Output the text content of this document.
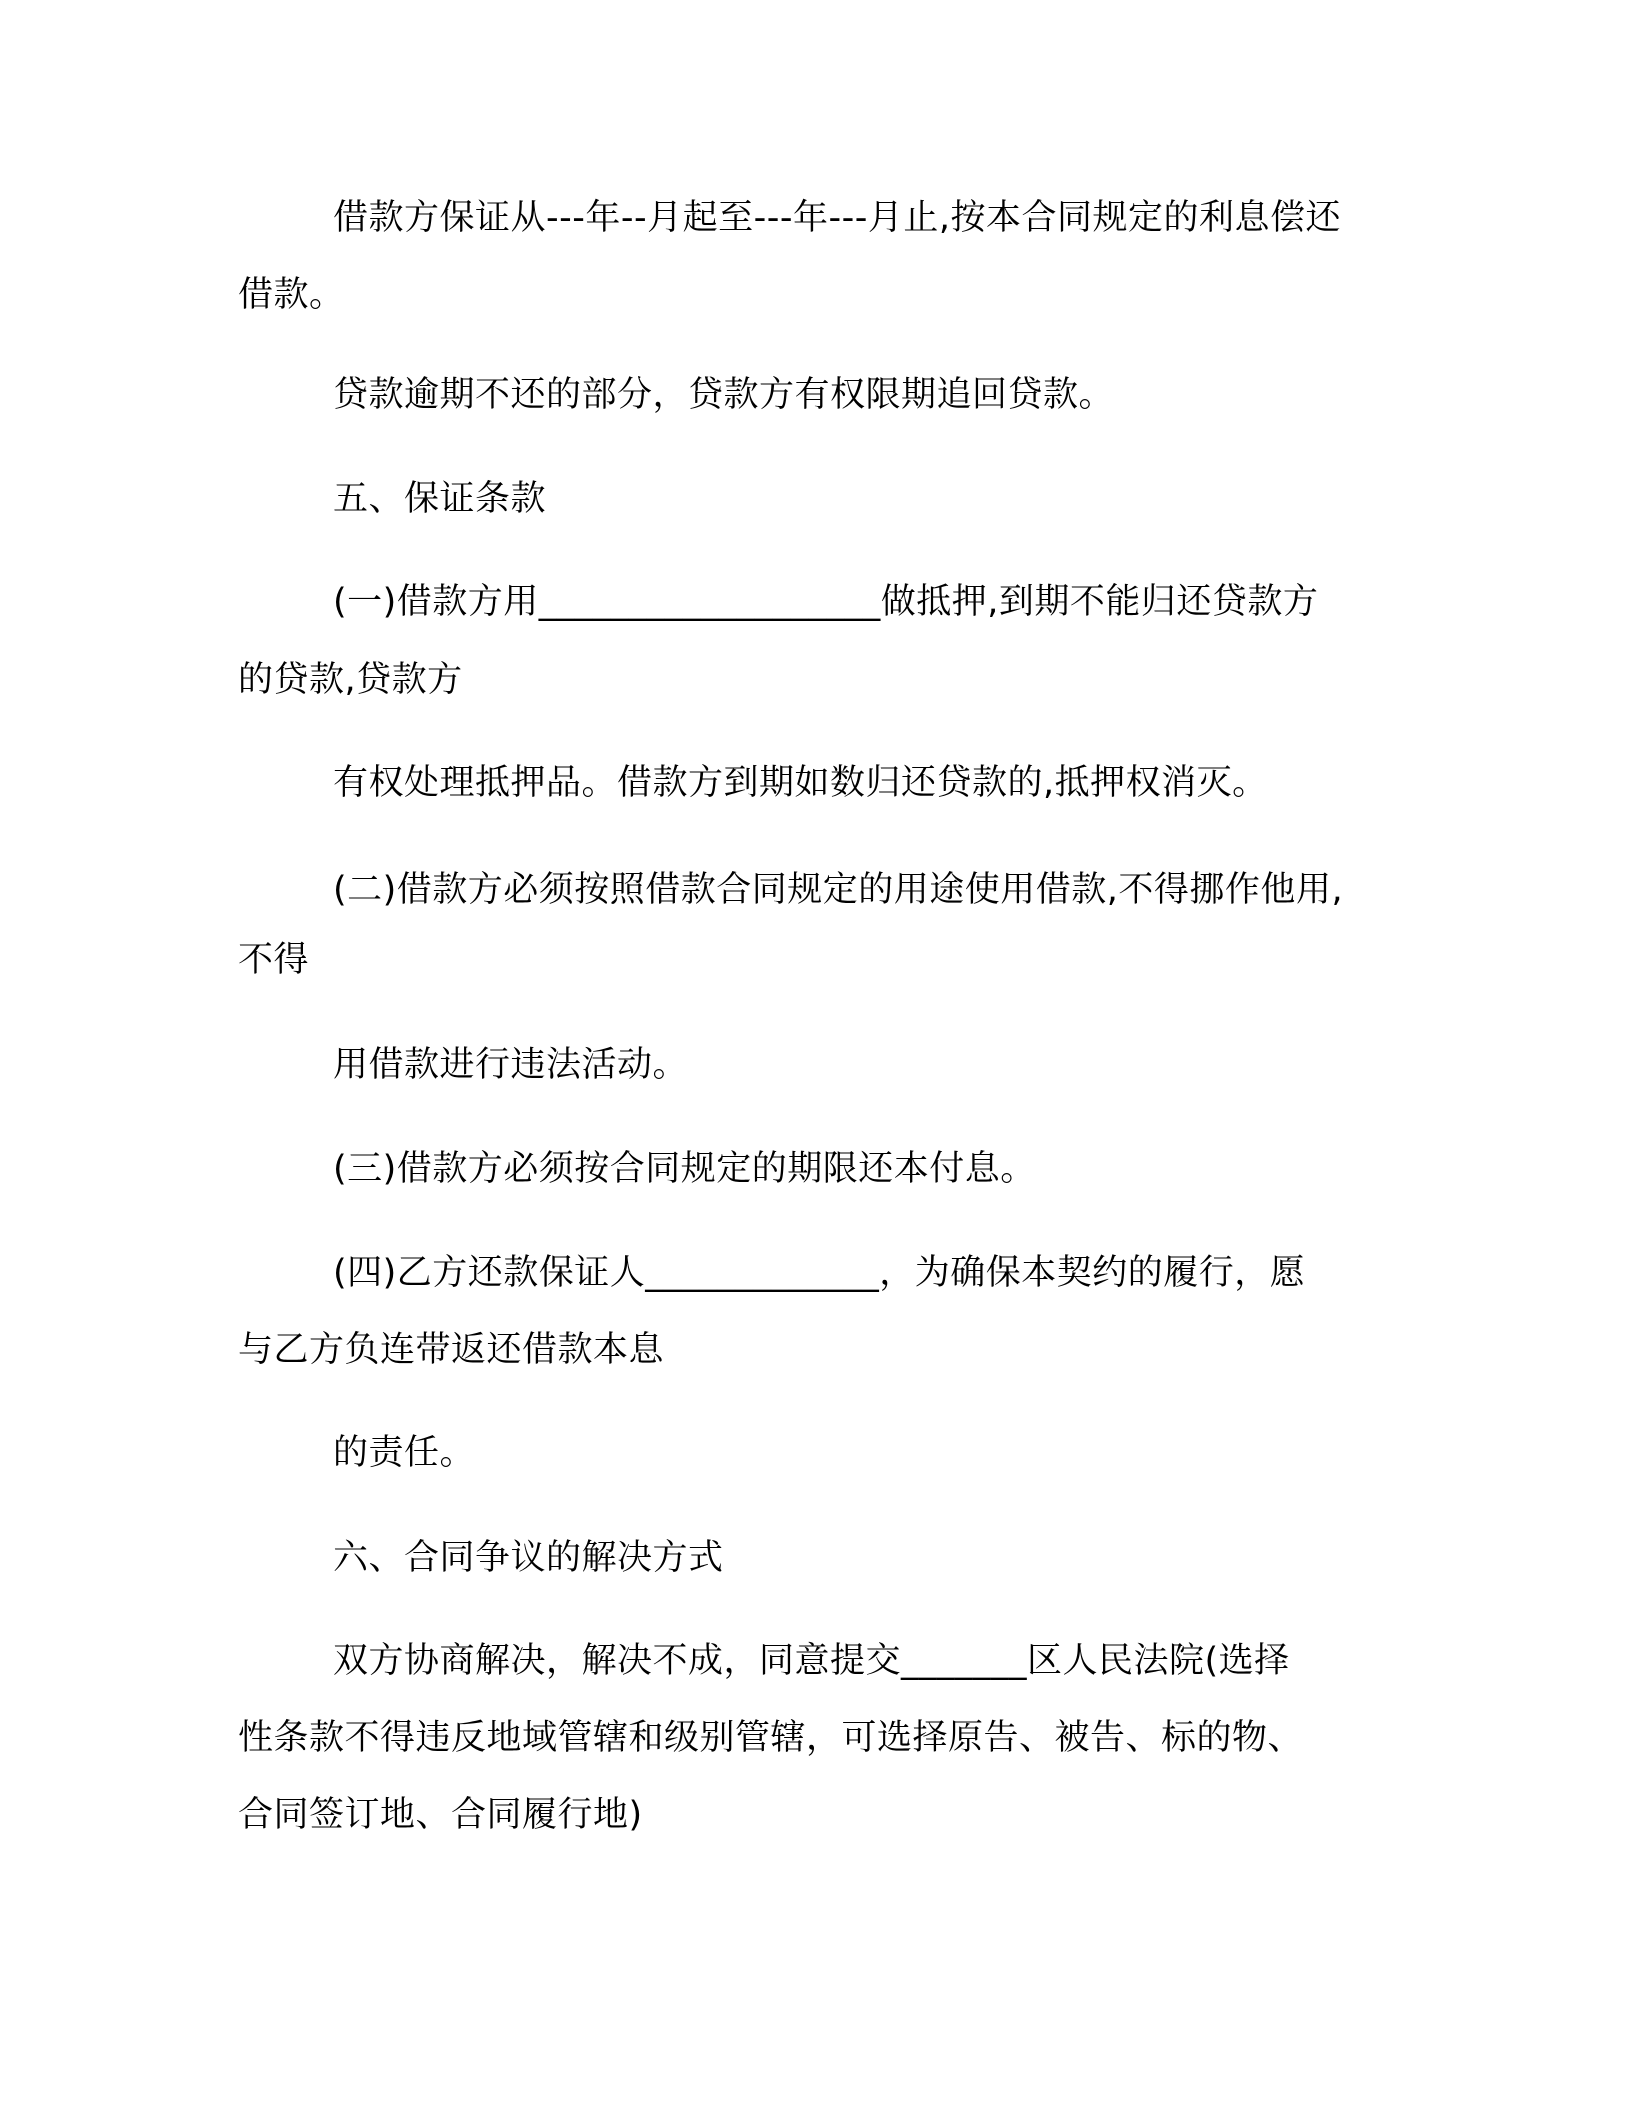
借款方保证从---年--月起至---年---月止,按本合同规定的利息偿还
借款。
贷款逾期不还的部分，贷款方有权限期追回贷款。
五、保证条款
(一)借款方用___________________做抵押,到期不能归还贷款方
的贷款,贷款方
有权处理抵押品。借款方到期如数归还贷款的,抵押权消灭。
(二)借款方必须按照借款合同规定的用途使用借款,不得挪作他用,
不得
用借款进行违法活动。
(三)借款方必须按合同规定的期限还本付息。
(四)乙方还款保证人_____________，为确保本契约的履行，愿
与乙方负连带返还借款本息
的责任。
六、合同争议的解决方式
双方协商解决，解决不成，同意提交_______区人民法院(选择
性条款不得违反地域管辖和级别管辖，可选择原告、被告、标的物、
合同签订地、合同履行地)
